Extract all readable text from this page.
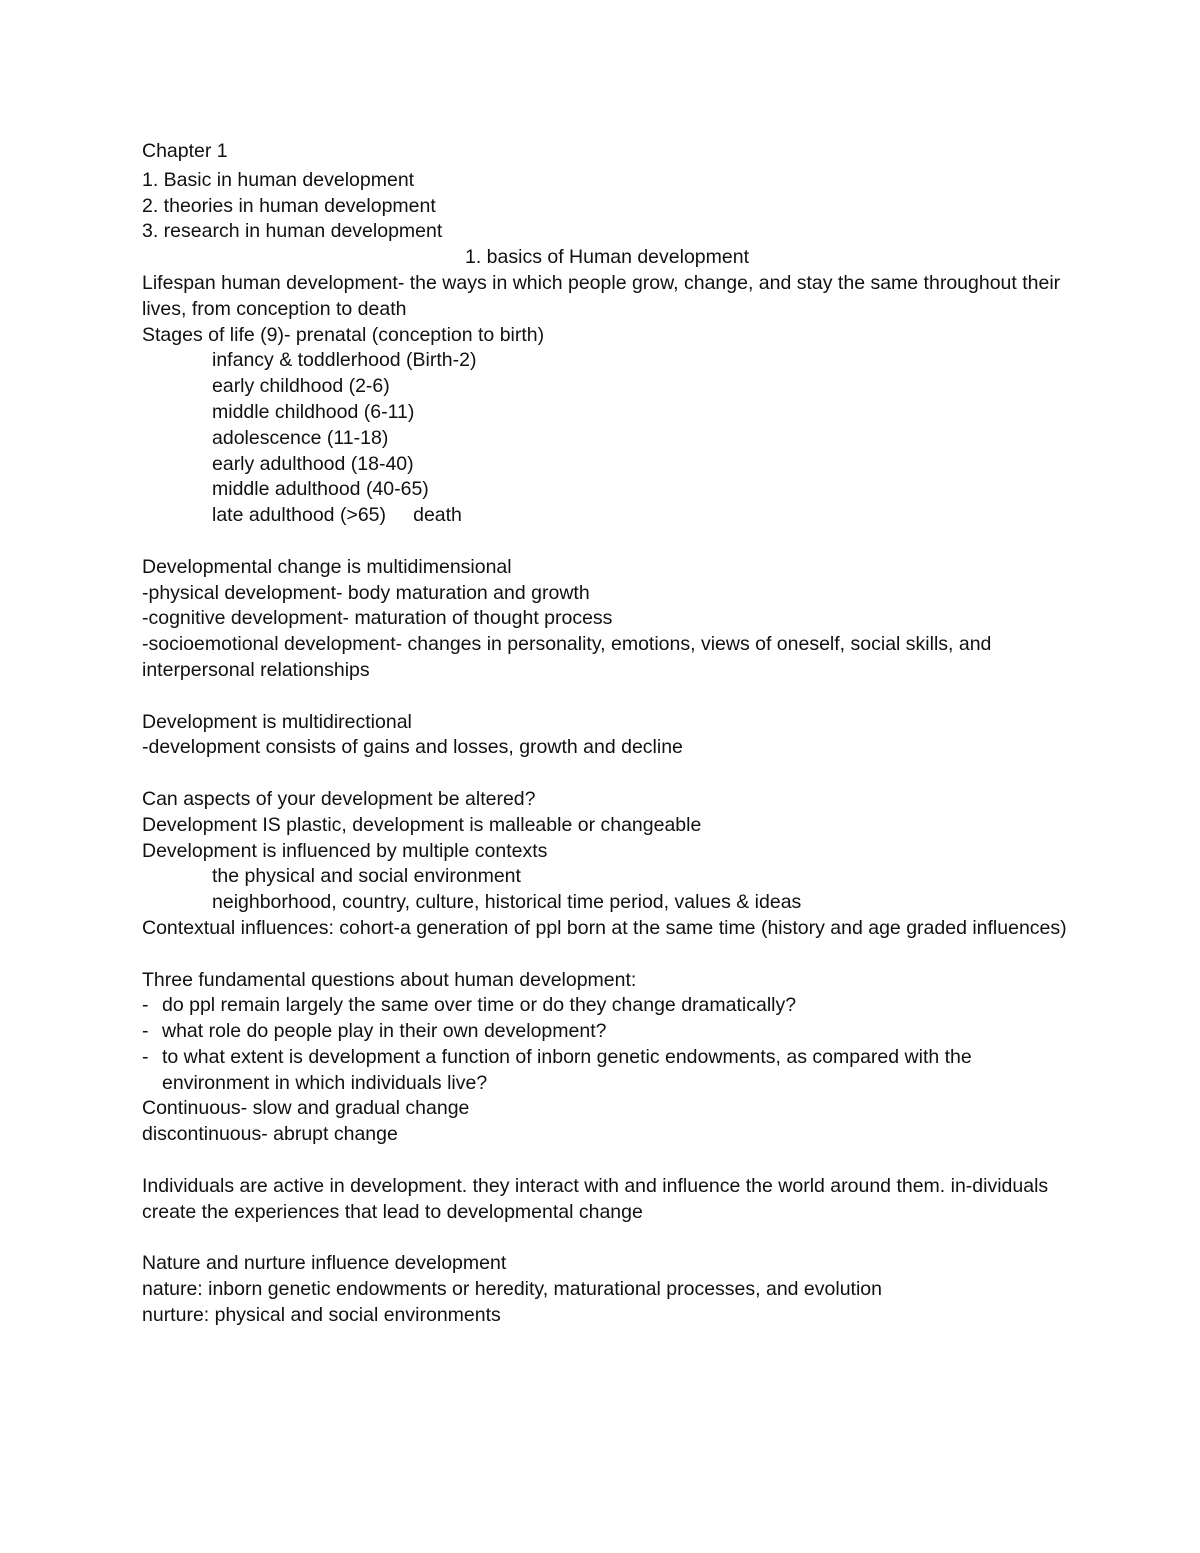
Chapter 1
1. Basic in human development
2. theories in human development
3. research in human development
1. basics of Human development
Lifespan human development- the ways in which people grow, change, and stay the same throughout their lives, from conception to death
Stages of life (9)- prenatal (conception to birth)
infancy & toddlerhood (Birth-2)
early childhood (2-6)
middle childhood (6-11)
adolescence (11-18)
early adulthood (18-40)
middle adulthood (40-65)
late adulthood (>65)     death
Developmental change is multidimensional
-physical development- body maturation and growth
-cognitive development- maturation of thought process
-socioemotional development- changes in personality, emotions, views of oneself, social skills, and interpersonal relationships
Development is multidirectional
-development consists of gains and losses, growth and decline
Can aspects of your development be altered?
Development IS plastic, development is malleable or changeable
Development is influenced by multiple contexts
the physical and social environment
neighborhood, country, culture, historical time period, values & ideas
Contextual influences: cohort-a generation of ppl born at the same time (history and age graded influences)
Three fundamental questions about human development:
- do ppl remain largely the same over time or do they change dramatically?
- what role do people play in their own development?
- to what extent is development a function of inborn genetic endowments, as compared with the environment in which individuals live?
Continuous- slow and gradual change
discontinuous- abrupt change
Individuals are active in development. they interact with and influence the world around them. in-dividuals create the experiences that lead to developmental change
Nature and nurture influence development
nature: inborn genetic endowments or heredity, maturational processes, and evolution
nurture: physical and social environments
